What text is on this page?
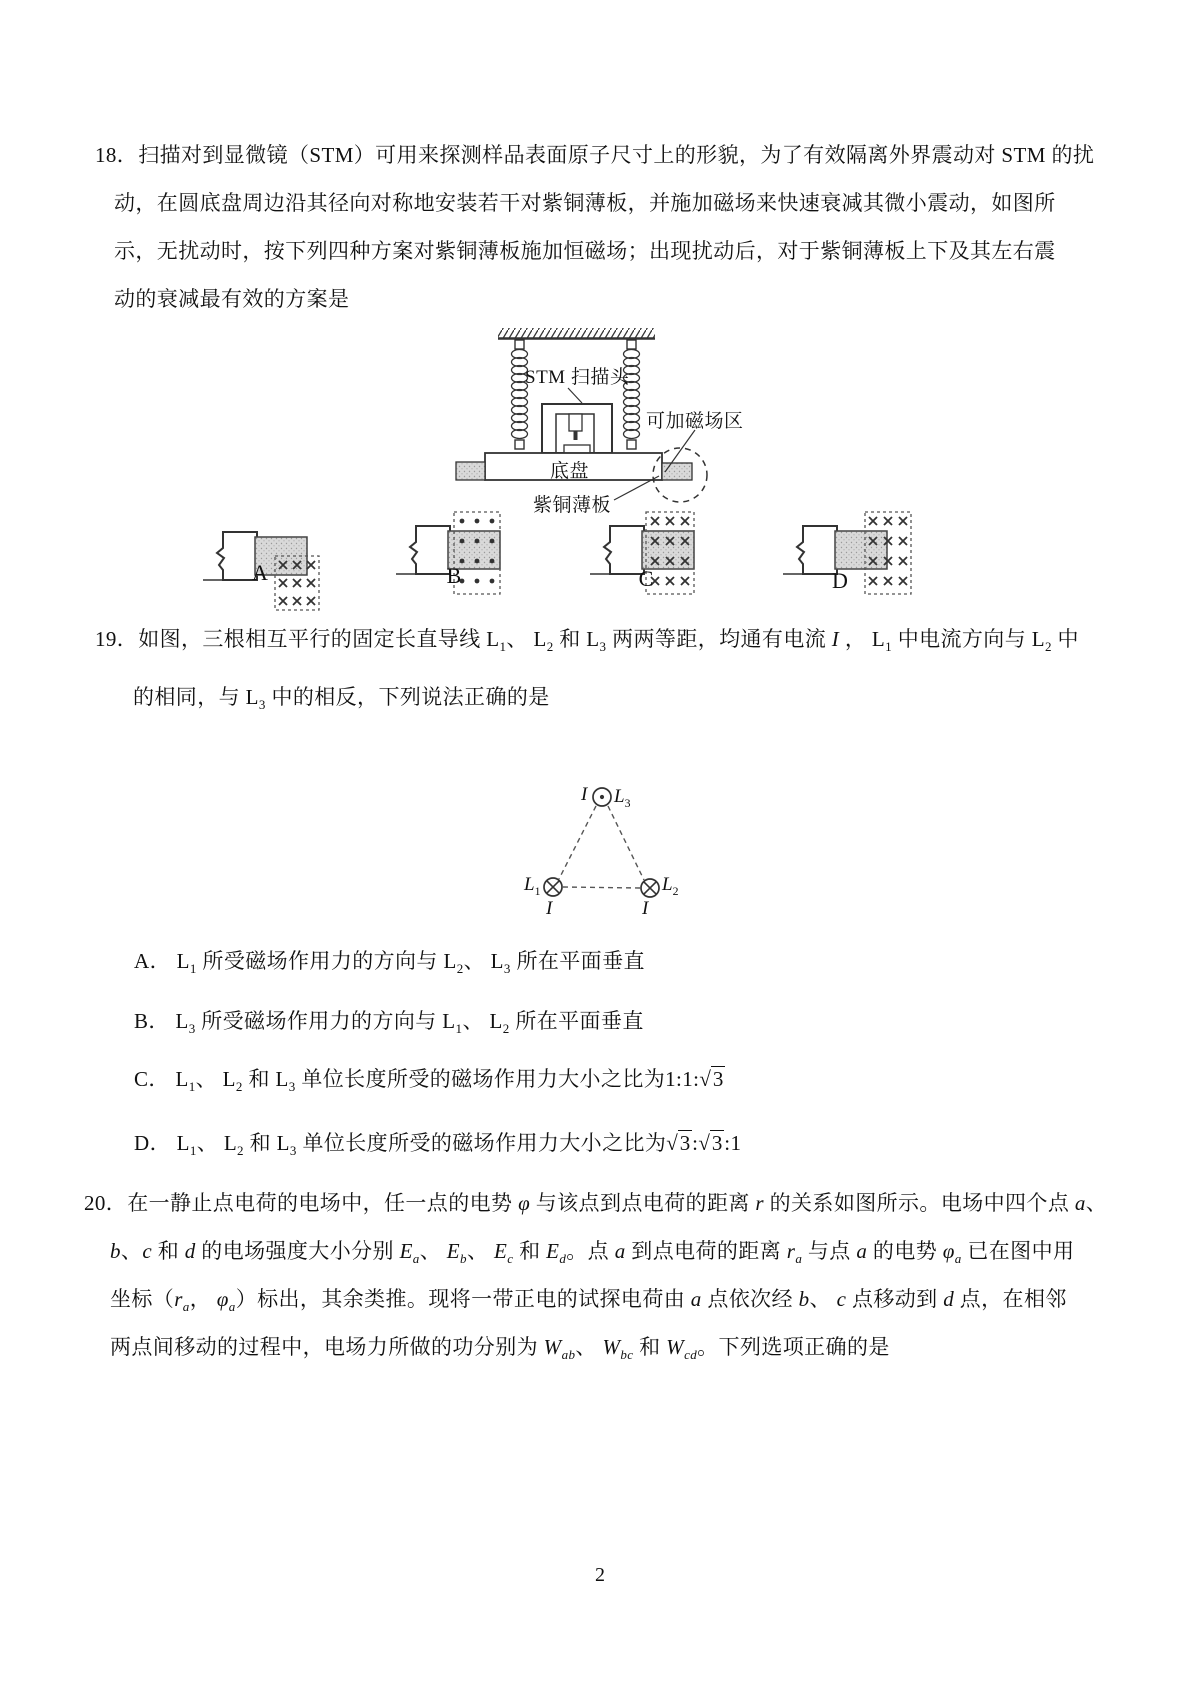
18．扫描对到显微镜（STM）可用来探测样品表面原子尺寸上的形貌，为了有效隔离外界震动对 STM 的扰
动，在圆底盘周边沿其径向对称地安装若干对紫铜薄板，并施加磁场来快速衰减其微小震动，如图所
示，无扰动时，按下列四种方案对紫铜薄板施加恒磁场；出现扰动后，对于紫铜薄板上下及其左右震
动的衰减最有效的方案是
STM 扫描头
可加磁场区
底盘
紫铜薄板
A	B	C	D
19．如图，三根相互平行的固定长直导线 $L_1$、 $L_2$ 和 $L_3$ 两两等距，均通有电流 I ， $L_1$ 中电流方向与 $L_2$ 中
的相同，与 $L_3$ 中的相反，下列说法正确的是
I $L_3$
$L_1$
I
$L_2$
I
A． $L_1$ 所受磁场作用力的方向与 $L_2$、 $L_3$ 所在平面垂直
B． $L_3$ 所受磁场作用力的方向与 $L_1$、 $L_2$ 所在平面垂直
C． $L_1$、 $L_2$ 和 $L_3$ 单位长度所受的磁场作用力大小之比为1:1:√3
D． $L_1$、 $L_2$ 和 $L_3$ 单位长度所受的磁场作用力大小之比为√3:√3:1
20．在一静止点电荷的电场中，任一点的电势 φ 与该点到点电荷的距离 r 的关系如图所示。电场中四个点 a、
b、c 和 d 的电场强度大小分别 $E_a$、 $E_b$、 $E_c$ 和 $E_d$。点 a 到点电荷的距离 $r_a$ 与点 a 的电势 $\varphi_a$ 已在图中用
坐标（$r_a$， $\varphi_a$）标出，其余类推。现将一带正电的试探电荷由 a 点依次经 b、 c 点移动到 d 点，在相邻
两点间移动的过程中，电场力所做的功分别为 $W_{ab}$、 $W_{bc}$ 和 $W_{cd}$。下列选项正确的是
2
